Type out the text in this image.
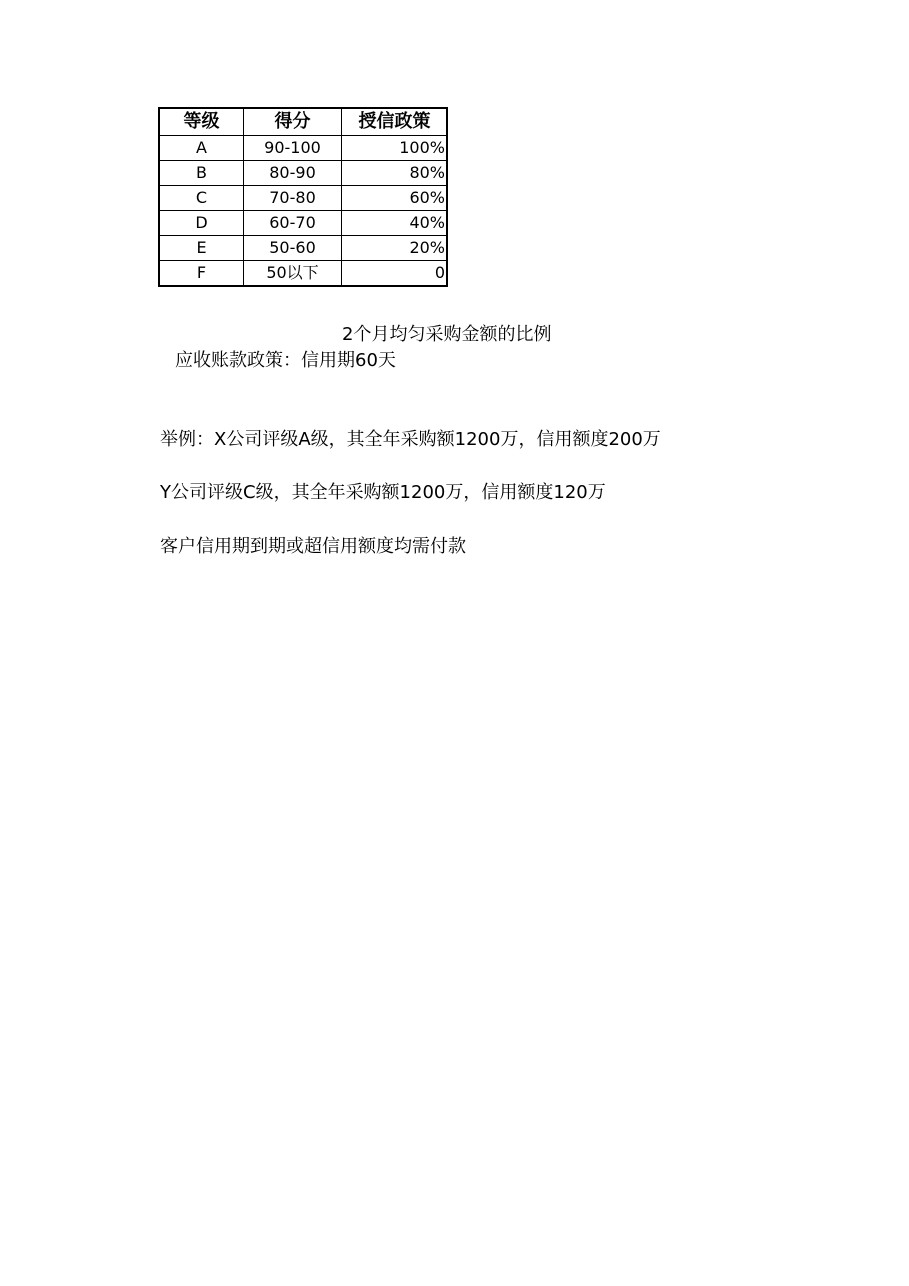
等级	得分	授信政策
A	90-100	100%
B	80-90	80%
C	70-80	60%
D	60-70	40%
E	50-60	20%
F	50以下	0
2个月均匀采购金额的比例
应收账款政策：信用期60天
举例：X公司评级A级，其全年采购额1200万，信用额度200万
Y公司评级C级，其全年采购额1200万，信用额度120万
客户信用期到期或超信用额度均需付款
